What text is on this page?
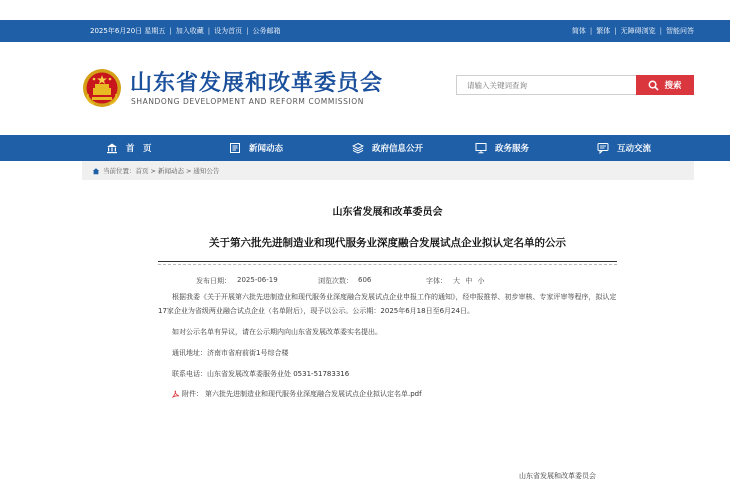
2025年6月20日 星期五 | 加入收藏 | 设为首页 | 公务邮箱	简体 | 繁体 | 无障碍浏览 | 智能问答
山东省发展和改革委员会
SHANDONG DEVELOPMENT AND REFORM COMMISSION
请输入关键词查询
搜索
首　页	新闻动态	政府信息公开	政务服务	互动交流
当前位置： 首页 > 新闻动态 > 通知公告
山东省发展和改革委员会
关于第六批先进制造业和现代服务业深度融合发展试点企业拟认定名单的公示
发布日期： 2025-06-19	浏览次数： 606	字体： 大 中 小
根据我委《关于开展第六批先进制造业和现代服务业深度融合发展试点企业申报工作的通知》，经申报推荐、初步审核、专家评审等程序，拟认定17家企业为省级两业融合试点企业（名单附后），现予以公示。公示期：2025年6月18日至6月24日。
如对公示名单有异议，请在公示期内向山东省发展改革委实名提出。
通讯地址：济南市省府前街1号综合楼
联系电话：山东省发展改革委服务业处 0531-51783316
附件： 第六批先进制造业和现代服务业深度融合发展试点企业拟认定名单.pdf
山东省发展和改革委员会
